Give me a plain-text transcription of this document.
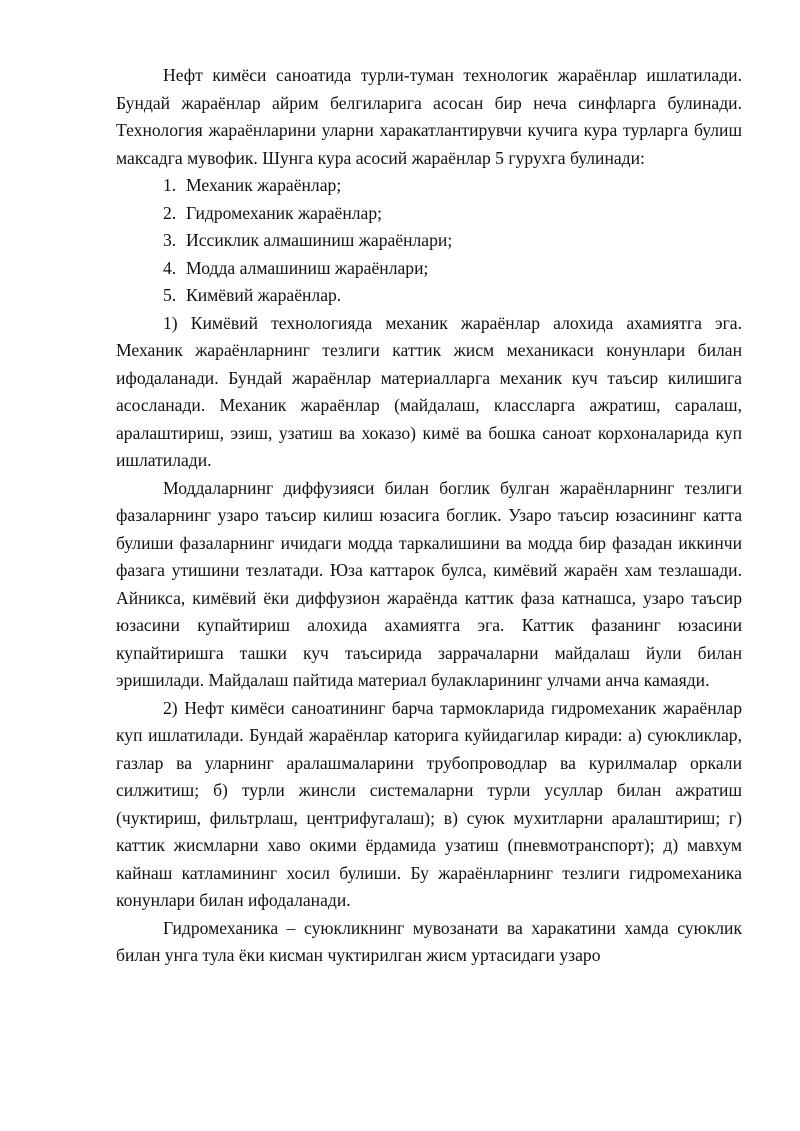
Нефт кимёси саноатида турли-туман технологик жараёнлар ишлатилади. Бундай жараёнлар айрим белгиларига асосан бир неча синфларга булинади. Технология жараёнларини уларни харакатлантирувчи кучига кура турларга булиш максадга мувофик. Шунга кура асосий жараёнлар 5 гурухга булинади:

1. Механик жараёнлар;
2. Гидромеханик жараёнлар;
3. Иссиклик алмашиниш жараёнлари;
4. Модда алмашиниш жараёнлари;
5. Кимёвий жараёнлар.

1) Кимёвий технологияда механик жараёнлар алохида ахамиятга эга. Механик жараёнларнинг тезлиги каттик жисм механикаси конунлари билан ифодаланади. Бундай жараёнлар материалларга механик куч таъсир килишига асосланади. Механик жараёнлар (майдалаш, классларга ажратиш, саралаш, аралаштириш, эзиш, узатиш ва хоказо) кимё ва бошка саноат корхоналарида куп ишлатилади.

Моддаларнинг диффузияси билан боглик булган жараёнларнинг тезлиги фазаларнинг узаро таъсир килиш юзасига боглик. Узаро таъсир юзасининг катта булиши фазаларнинг ичидаги модда таркалишини ва модда бир фазадан иккинчи фазага утишини тезлатади. Юза каттарок булса, кимёвий жараён хам тезлашади. Айникса, кимёвий ёки диффузион жараёнда каттик фаза катнашса, узаро таъсир юзасини купайтириш алохида ахамиятга эга. Каттик фазанинг юзасини купайтиришга ташки куч таъсирида заррачаларни майдалаш йули билан эришилади. Майдалаш пайтида материал булакларининг улчами анча камаяди.

2) Нефт кимёси саноатининг барча тармокларида гидромеханик жараёнлар куп ишлатилади. Бундай жараёнлар каторига куйидагилар киради: а) суюкликлар, газлар ва уларнинг аралашмаларини трубопроводлар ва курилмалар оркали силжитиш; б) турли жинсли системаларни турли усуллар билан ажратиш (чуктириш, фильтрлаш, центрифугалаш); в) суюк мухитларни аралаштириш; г) каттик жисмларни хаво окими ёрдамида узатиш (пневмотранспорт); д) мавхум кайнаш катламининг хосил булиши. Бу жараёнларнинг тезлиги гидромеханика конунлари билан ифодаланади.

Гидромеханика – суюкликнинг мувозанати ва харакатини хамда суюклик билан унга тула ёки кисман чуктирилган жисм уртасидаги узаро
